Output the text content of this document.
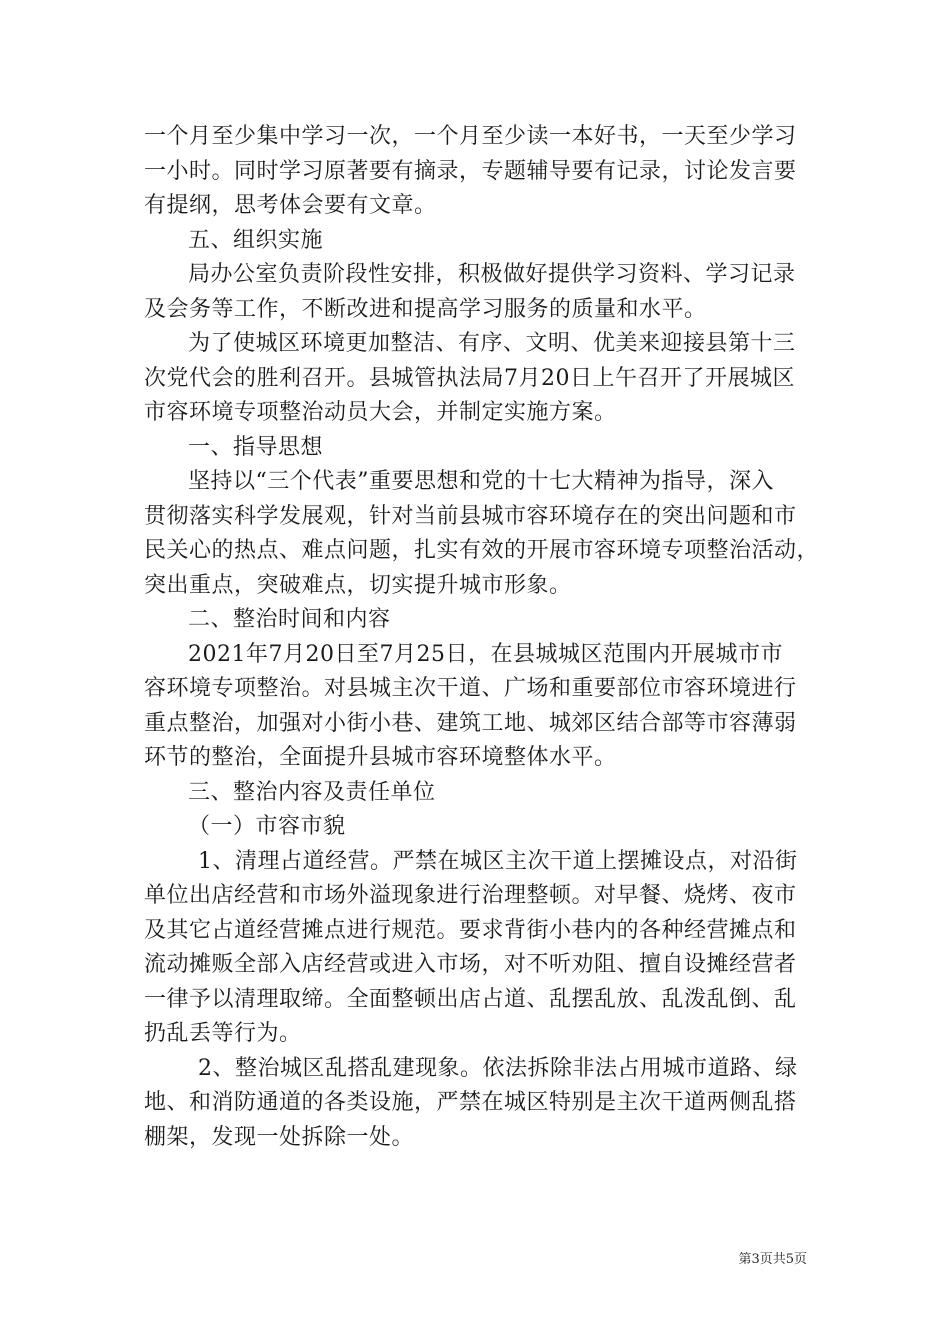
一个月至少集中学习一次，一个月至少读一本好书，一天至少学习
一小时。同时学习原著要有摘录，专题辅导要有记录，讨论发言要
有提纲，思考体会要有文章。
五、组织实施
局办公室负责阶段性安排，积极做好提供学习资料、学习记录
及会务等工作，不断改进和提高学习服务的质量和水平。
为了使城区环境更加整洁、有序、文明、优美来迎接县第十三
次党代会的胜利召开。县城管执法局7月20日上午召开了开展城区
市容环境专项整治动员大会，并制定实施方案。
一、指导思想
坚持以“三个代表”重要思想和党的十七大精神为指导，深入
贯彻落实科学发展观，针对当前县城市容环境存在的突出问题和市
民关心的热点、难点问题，扎实有效的开展市容环境专项整治活动，
突出重点，突破难点，切实提升城市形象。
二、整治时间和内容
2021年7月20日至7月25日，在县城城区范围内开展城市市
容环境专项整治。对县城主次干道、广场和重要部位市容环境进行
重点整治，加强对小街小巷、建筑工地、城郊区结合部等市容薄弱
环节的整治，全面提升县城市容环境整体水平。
三、整治内容及责任单位
（一）市容市貌
1、清理占道经营。严禁在城区主次干道上摆摊设点，对沿街
单位出店经营和市场外溢现象进行治理整顿。对早餐、烧烤、夜市
及其它占道经营摊点进行规范。要求背街小巷内的各种经营摊点和
流动摊贩全部入店经营或进入市场，对不听劝阻、擅自设摊经营者
一律予以清理取缔。全面整顿出店占道、乱摆乱放、乱泼乱倒、乱
扔乱丢等行为。
2、整治城区乱搭乱建现象。依法拆除非法占用城市道路、绿
地、和消防通道的各类设施，严禁在城区特别是主次干道两侧乱搭
棚架，发现一处拆除一处。
第3页共5页
